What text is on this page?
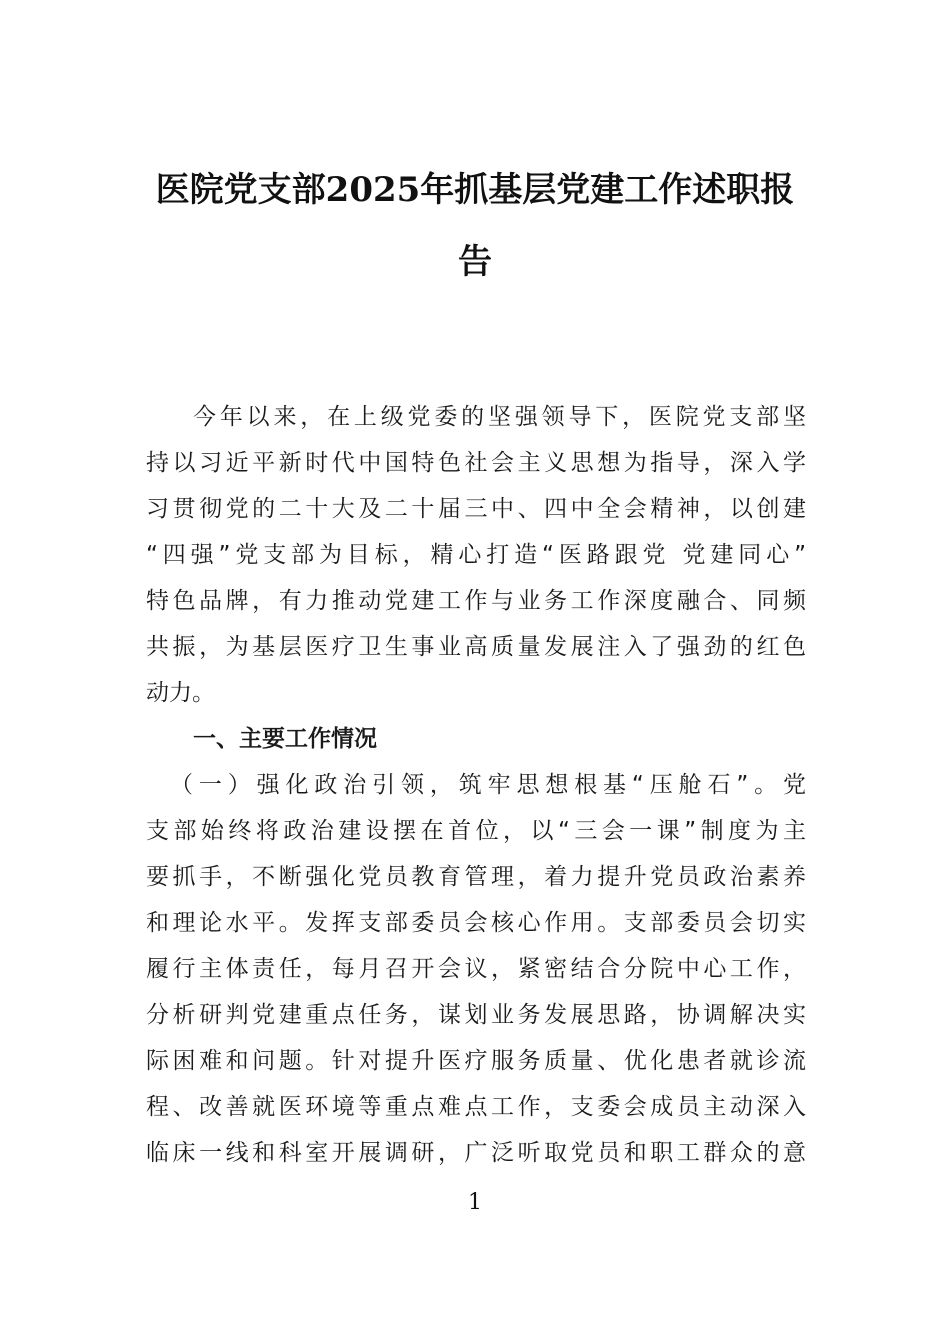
医院党支部2025年抓基层党建工作述职报
告
今年以来，在上级党委的坚强领导下，医院党支部坚
持以习近平新时代中国特色社会主义思想为指导，深入学
习贯彻党的二十大及二十届三中、四中全会精神，以创建
“四强”党支部为目标，精心打造“医路跟党 党建同心”
特色品牌，有力推动党建工作与业务工作深度融合、同频
共振，为基层医疗卫生事业高质量发展注入了强劲的红色
动力。
一、主要工作情况
（一）强化政治引领，筑牢思想根基“压舱石”。党
支部始终将政治建设摆在首位，以“三会一课”制度为主
要抓手，不断强化党员教育管理，着力提升党员政治素养
和理论水平。发挥支部委员会核心作用。支部委员会切实
履行主体责任，每月召开会议，紧密结合分院中心工作，
分析研判党建重点任务，谋划业务发展思路，协调解决实
际困难和问题。针对提升医疗服务质量、优化患者就诊流
程、改善就医环境等重点难点工作，支委会成员主动深入
临床一线和科室开展调研，广泛听取党员和职工群众的意
1
